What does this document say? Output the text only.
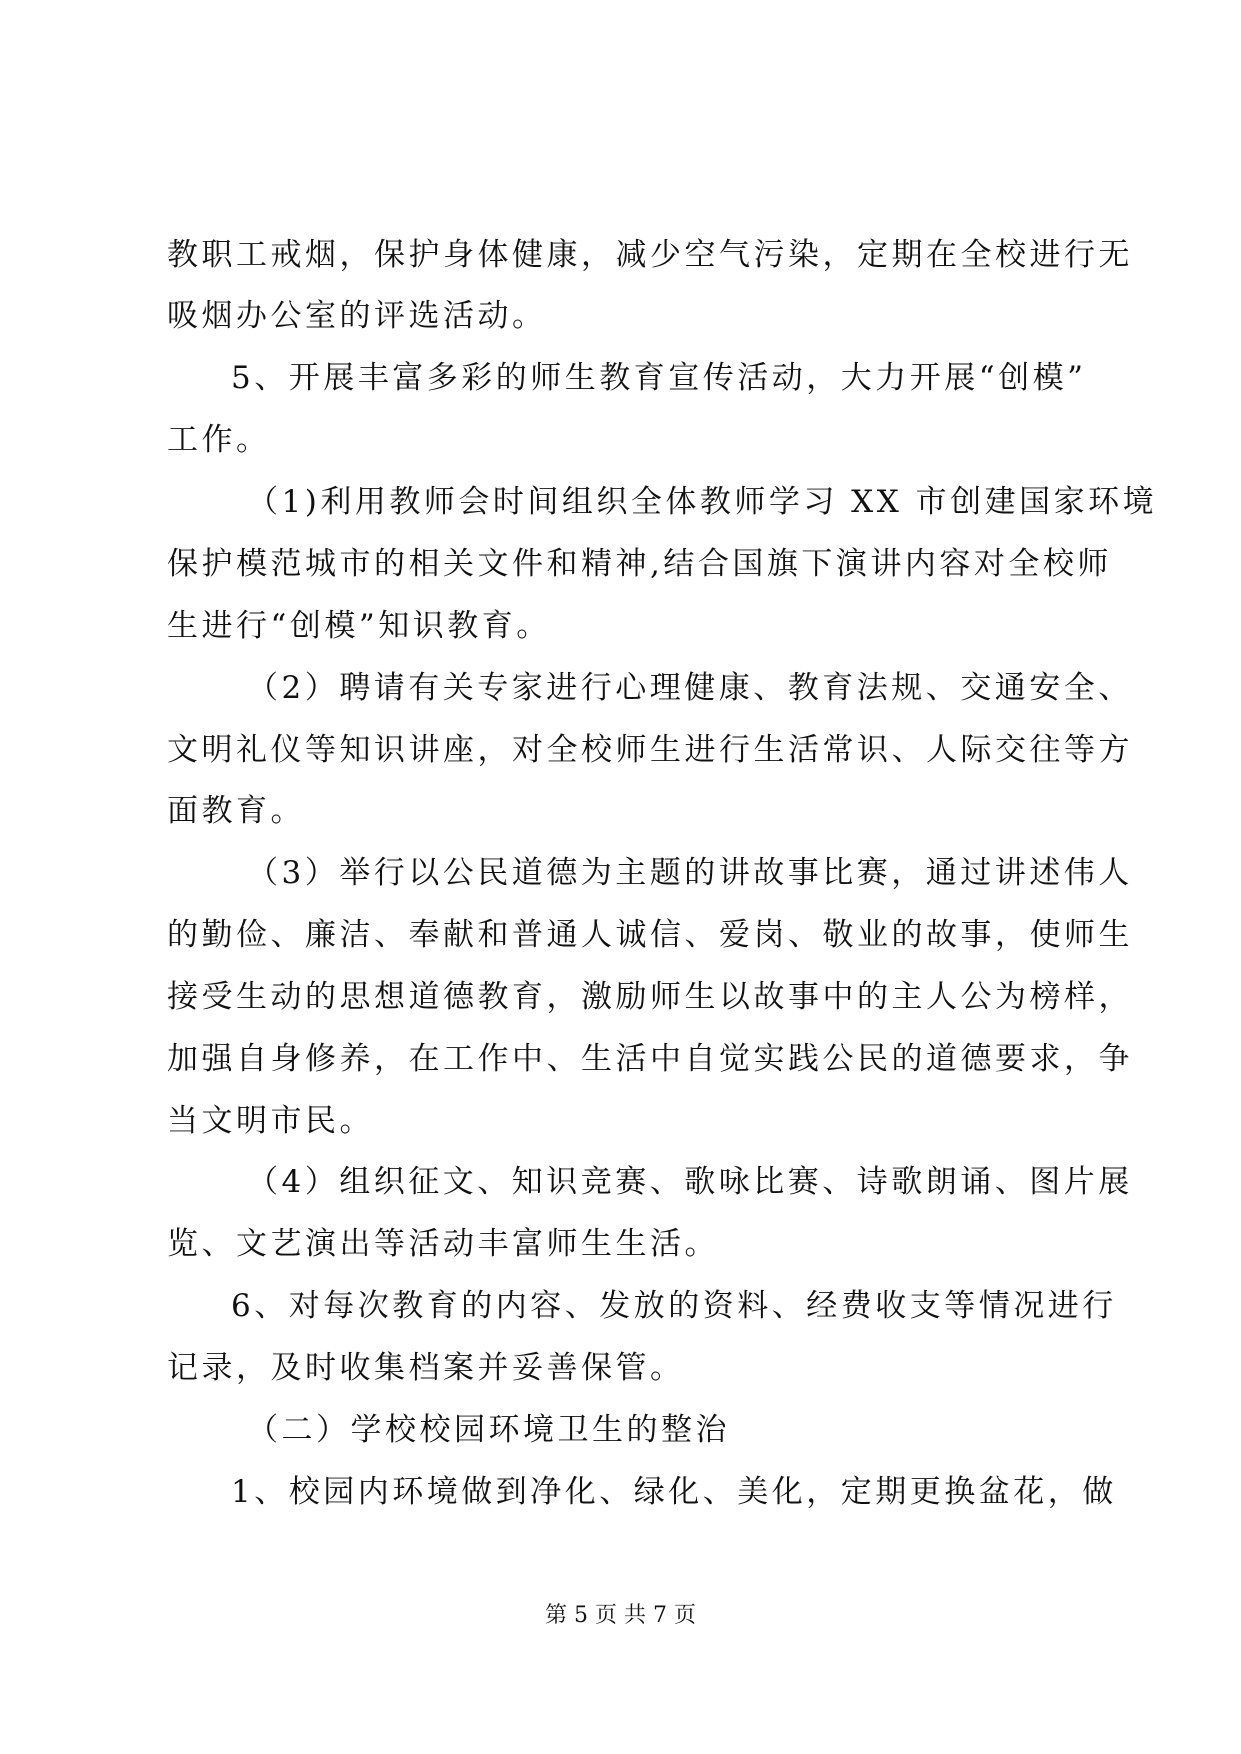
教职工戒烟，保护身体健康，减少空气污染，定期在全校进行无
吸烟办公室的评选活动。
5、开展丰富多彩的师生教育宣传活动，大力开展“创模”
工作。
（1)利用教师会时间组织全体教师学习 XX 市创建国家环境
保护模范城市的相关文件和精神,结合国旗下演讲内容对全校师
生进行“创模”知识教育。
（2）聘请有关专家进行心理健康、教育法规、交通安全、
文明礼仪等知识讲座，对全校师生进行生活常识、人际交往等方
面教育。
（3）举行以公民道德为主题的讲故事比赛，通过讲述伟人
的勤俭、廉洁、奉献和普通人诚信、爱岗、敬业的故事，使师生
接受生动的思想道德教育，激励师生以故事中的主人公为榜样，
加强自身修养，在工作中、生活中自觉实践公民的道德要求，争
当文明市民。
（4）组织征文、知识竞赛、歌咏比赛、诗歌朗诵、图片展
览、文艺演出等活动丰富师生生活。
6、对每次教育的内容、发放的资料、经费收支等情况进行
记录，及时收集档案并妥善保管。
（二）学校校园环境卫生的整治
1、校园内环境做到净化、绿化、美化，定期更换盆花，做
第 5 页 共 7 页
